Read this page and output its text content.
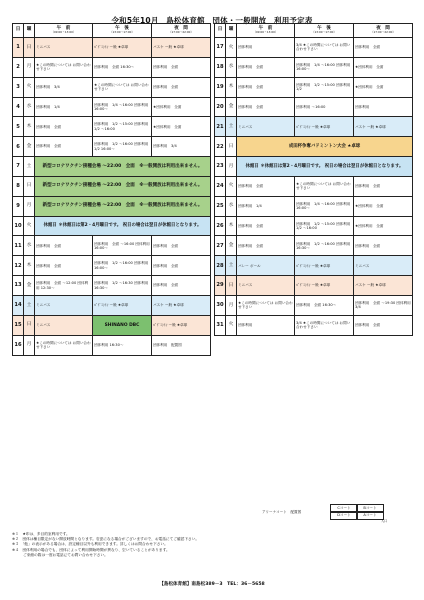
令和5年10月　島松体育館　団体・一般開放　利用予定表
日	曜	午　前
（09:00～13:00）	午　後
（13:00～17:00）	夜　間
（17:00～22:00）

1	日	ミニバス	ﾊﾞﾄﾞﾐﾝﾄﾝ ー般 ★卓球	バスケ ー般 ★卓球
2	月	★この時間については お問い合わせ下さい	団体利用　全面 16:30～	団体利用　全面
3	火	団体利用　3/4	★この時間については お問い合わせ下さい	団体利用　全面
4	水	団体利用　1/4	団体利用　1/4 ～16:00 団体利用 16:00～	★団体利用　全面
5	木	団体利用　全面	団体利用　1/2 ～15:00 団体利用　1/2 ～16:00	★団体利用　全面
6	金	団体利用　全面	団体利用　1/2 ～16:00 団体利用　1/2 16:00～	団体利用　3/4
7	土	新型コロナワクチン接種会場 ～22:00　全面　※一般開放は利用出来ません。		
8	日	新型コロナワクチン接種会場 ～22:00　全面　※一般開放は利用出来ません。		
9	月	新型コロナワクチン接種会場 ～22:00　全面　※一般開放は利用出来ません。		
10	火	休館日 ＊休館日は第2・4月曜日です。 祝日の場合は翌日が休館日となります。		
11	水	団体利用　全面	団体利用　全面 ～16:00 団体利用 16:00～	団体利用　全面
12	木	団体利用　全面	団体利用　1/2 ～16:00 団体利用 16:00～	団体利用　全面
13	金	団体利用　全面 ～12:00 団体利用 12:30～	団体利用　1/2 ～16:30 団体利用 16:30～	団体利用　全面
14	土	ミニバス	ﾊﾞﾄﾞﾐﾝﾄﾝ ー般 ★卓球	バスケ ー般 ★卓球
15	日	ミニバス	SHINANO DBC	ﾊﾞﾄﾞﾐﾝﾄﾝ ー般 ★卓球
16	月	★この時間については お問い合わせ下さい	団体利用 16:30～	団体利用　配置図
日	曜	午　前
（09:00～13:00）	午　後
（13:00～17:00）	夜　間
（17:00～22:00）

17	火	団体利用	3/4 ★この時間については お問い合わせ下さい	団体利用　全面
18	水	団体利用　全面	団体利用　1/4 ～16:00 団体利用 16:00～	★団体利用　全面
19	木	団体利用　全面	団体利用　1/2 ～15:00 団体利用　1/2	★団体利用　全面
20	金	団体利用　全面	団体利用 ～16:00	団体利用
21	土	ミニバス	ﾊﾞﾄﾞﾐﾝﾄﾝ ー般 ★卓球	バスケ ー般 ★卓球
22	日	成田杯争奪バドミントン大会 ★卓球		
23	月	休館日 ＊休館日は第2・4月曜日です。 祝日の場合は翌日が休館日となります。		
24	火	団体利用　全面	★この時間については お問い合わせ下さい	団体利用　全面
25	水	団体利用　1/4	団体利用　1/4 ～16:00 団体利用 16:00～	★団体利用　全面
26	木	団体利用　全面	団体利用　1/2 ～15:00 団体利用　1/2 ～16:00	★団体利用　全面
27	金	団体利用　全面	団体利用　1/2 ～16:00 団体利用 16:30～	団体利用　全面
28	土	バレー ボール	ﾊﾞﾄﾞﾐﾝﾄﾝ ー般 ★卓球	ミニバス
29	日	ミニバス	ﾊﾞﾄﾞﾐﾝﾄﾝ ー般 ★卓球	バスケ ー般 ★卓球
30	月	★この時間については お問い合わせ下さい	団体利用　全面 16:30～	団体利用　全面 ～19:30 団体利用 3/4
31	火	団体利用	3/4 ★この時間については お問い合わせ下さい	団体利用　全面
アリーナコート　配置図
Cコート	Bコート
Dコート	Aコート
入口
※１　★印は、多目的室利用です。
※２　団体は種目限定がない開放時間となります。変更になる場合がございますので、お電話にてご確認下さい。
※３　「他」の表示がある場合は、設定種目以外も利用できます。詳しくはお問合わせ下さい。
※４　団体利用の場合でも、団体によって利用開始時間が異なり、空いていることがあります。
　　　ご来館の際は一度お電話にてお問い合わせ下さい。
【島松体育館】南島松389－3　TEL：36－5658
